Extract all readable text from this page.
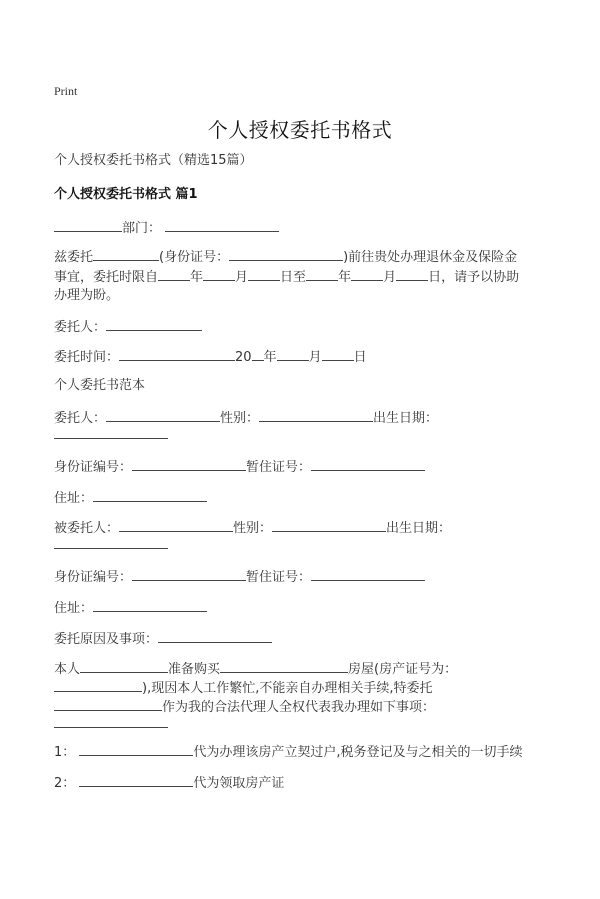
Print
个人授权委托书格式
个人授权委托书格式（精选15篇）
个人授权委托书格式 篇1
部门：
兹委托	(身份证号：	)前往贵处办理退休金及保险金
事宜，委托时限自 年 月 日至 年 月 日，请予以协助
办理为盼。
委托人：
委托时间：	20 年 月 日
个人委托书范本
委托人：	性别：	出生日期：
身份证编号：	暂住证号：
住址：
被委托人：	性别：	出生日期：
身份证编号：	暂住证号：
住址：
委托原因及事项：
本人	准备购买	房屋(房产证号为：
),现因本人工作繁忙,不能亲自办理相关手续,特委托
作为我的合法代理人全权代表我办理如下事项：
1：	代为办理该房产立契过户,税务登记及与之相关的一切手续
2：	代为领取房产证
